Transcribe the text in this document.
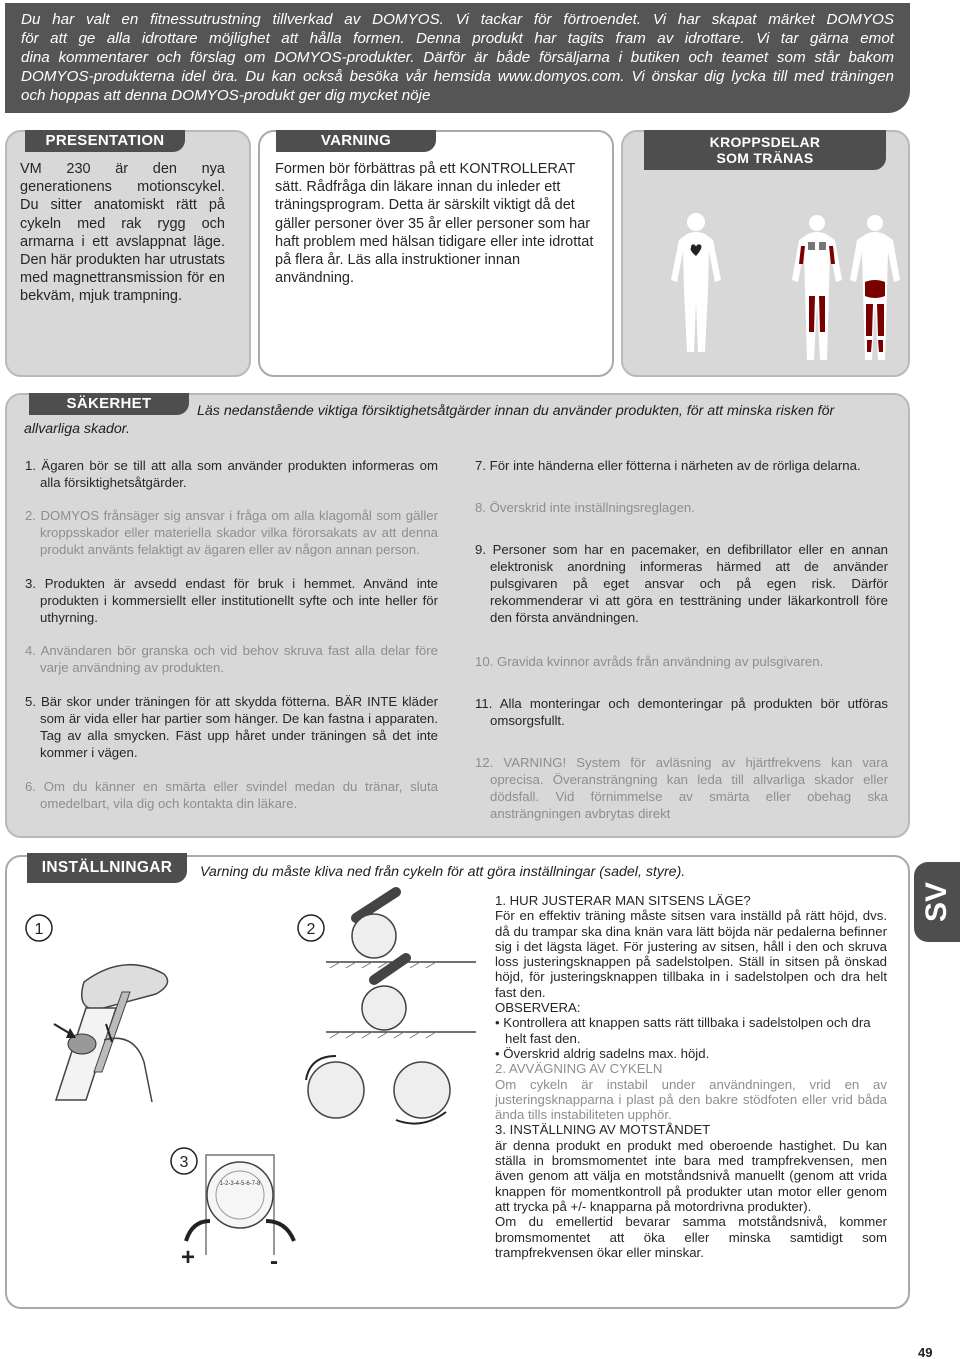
Du har valt en fitnessutrustning tillverkad av DOMYOS. Vi tackar för förtroendet. Vi har skapat märket DOMYOS
för att ge alla idrottare möjlighet att hålla formen. Denna produkt har tagits fram av idrottare. Vi tar gärna emot
dina kommentarer och förslag om DOMYOS-produkter. Därför är både försäljarna i butiken och teamet som står bakom
DOMYOS-produkterna idel öra. Du kan också besöka vår hemsida www.domyos.com. Vi önskar dig lycka till med träningen
och hoppas att denna DOMYOS-produkt ger dig mycket nöje
PRESENTATION
VM 230 är den nya generationens motionscykel. Du sitter anatomiskt rätt på cykeln med rak rygg och armarna i ett avslappnat läge. Den här produkten har utrustats med magnettransmission för en bekväm, mjuk trampning.
VARNING
Formen bör förbättras på ett KONTROLLERAT sätt. Rådfråga din läkare innan du inleder ett träningsprogram. Detta är särskilt viktigt då det gäller personer över 35 år eller personer som har haft problem med hälsan tidigare eller inte idrottat på flera år. Läs alla instruktioner innan användning.
KROPPSDELAR
SOM TRÄNAS
SÄKERHET	Läs nedanstående viktiga försiktighetsåtgärder innan du använder produkten, för att minska risken för
allvarliga skador.
1. Ägaren bör se till att alla som använder produkten informeras om alla försiktighetsåtgärder.
2. DOMYOS frånsäger sig ansvar i fråga om alla klagomål som gäller kroppsskador eller materiella skador vilka förorsakats av att denna produkt använts felaktigt av ägaren eller av någon annan person.
3. Produkten är avsedd endast för bruk i hemmet. Använd inte produkten i kommersiellt eller institutionellt syfte och inte heller för uthyrning.
4. Användaren bör granska och vid behov skruva fast alla delar före varje användning av produkten.
5. Bär skor under träningen för att skydda fötterna. BÄR INTE kläder som är vida eller har partier som hänger. De kan fastna i apparaten. Tag av alla smycken. Fäst upp håret under träningen så det inte kommer i vägen.
6. Om du känner en smärta eller svindel medan du tränar, sluta omedelbart, vila dig och kontakta din läkare.
7. För inte händerna eller fötterna i närheten av de rörliga delarna.
8. Överskrid inte inställningsreglagen.
9. Personer som har en pacemaker, en defibrillator eller en annan elektronisk anordning informeras härmed att de använder pulsgivaren på eget ansvar och på egen risk. Därför rekommenderar vi att göra en testträning under läkarkontroll före den första användningen.
10. Gravida kvinnor avråds från användning av pulsgivaren.
11. Alla monteringar och demonteringar på produkten bör utföras omsorgsfullt.
12. VARNING! System för avläsning av hjärtfrekvens kan vara oprecisa. Överansträngning kan leda till allvarliga skador eller dödsfall. Vid förnimmelse av smärta eller obehag ska ansträngningen avbrytas direkt
INSTÄLLNINGAR	Varning du måste kliva ned från cykeln för att göra inställningar (sadel, styre).
1	2
3
1-2-3-4-5-6-7-8
+	-
1. HUR JUSTERAR MAN SITSENS LÄGE?
För en effektiv träning måste sitsen vara inställd på rätt höjd, dvs. då du trampar ska dina knän vara lätt böjda när pedalerna befinner sig i det lägsta läget. För justering av sitsen, håll i den och skruva loss justeringsknappen på sadelstolpen. Ställ in sitsen på önskad höjd, för justeringsknappen tillbaka in i sadelstolpen och dra helt fast den.
OBSERVERA:
• Kontrollera att knappen satts rätt tillbaka i sadelstolpen och dra helt fast den.
• Överskrid aldrig sadelns max. höjd.
2. AVVÄGNING AV CYKELN
Om cykeln är instabil under användningen, vrid en av justeringsknapparna i plast på den bakre stödfoten eller vrid båda ända tills instabiliteten upphör.
3. INSTÄLLNING AV MOTSTÅNDET
är denna produkt en produkt med oberoende hastighet. Du kan ställa in bromsmomentet inte bara med trampfrekvensen, men även genom att välja en motståndsnivå manuellt (genom att vrida knappen för momentkontroll på produkter utan motor eller genom att trycka på +/- knapparna på motordrivna produkter).
Om du emellertid bevarar samma motståndsnivå, kommer bromsmomentet att öka eller minska samtidigt som trampfrekvensen ökar eller minskar.
SV
49
